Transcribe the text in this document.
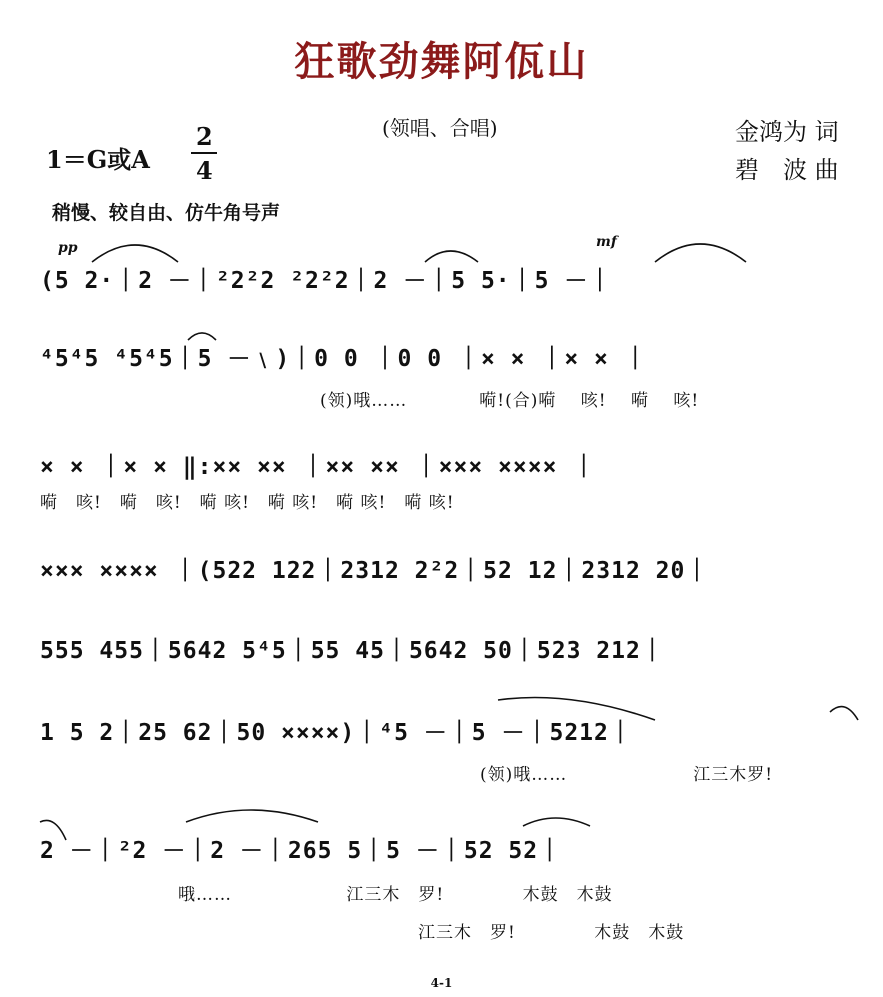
狂歌劲舞阿佤山
(领唱、合唱)	金鸿为 词
碧　波 曲
1＝G或A
2
4
稍慢、较自由、仿牛角号声
pp	mf
(5 2·｜2 －｜²2²2 ²2²2｜2 －｜5 5·｜5 －｜
⁴5⁴5 ⁴5⁴5｜5 －﹨)｜0 0 ｜0 0 ｜× × ｜× × ｜
(领)哦……　　　　嗬!(合)嗬　 咳!　 嗬　 咳!
× × ｜× × ‖:×× ×× ｜×× ×× ｜××× ×××× ｜
嗬　咳!　嗬　咳!　嗬 咳!　嗬 咳!　嗬 咳!　嗬 咳!
××× ×××× ｜(522 122｜2312 2²2｜52 12｜2312 20｜
555 455｜5642 5⁴5｜55 45｜5642 50｜523 212｜
1 5 2｜25 62｜50 ××××)｜⁴5 －｜5 －｜5212｜
(领)哦……　　　　　　　江三木罗!
2 －｜²2 －｜2 －｜265 5｜5 －｜52 52｜
哦……　　　　　　 江三木　罗!　　　　 木鼓　木鼓
江三木　罗!　　　　 木鼓　木鼓
4-1
